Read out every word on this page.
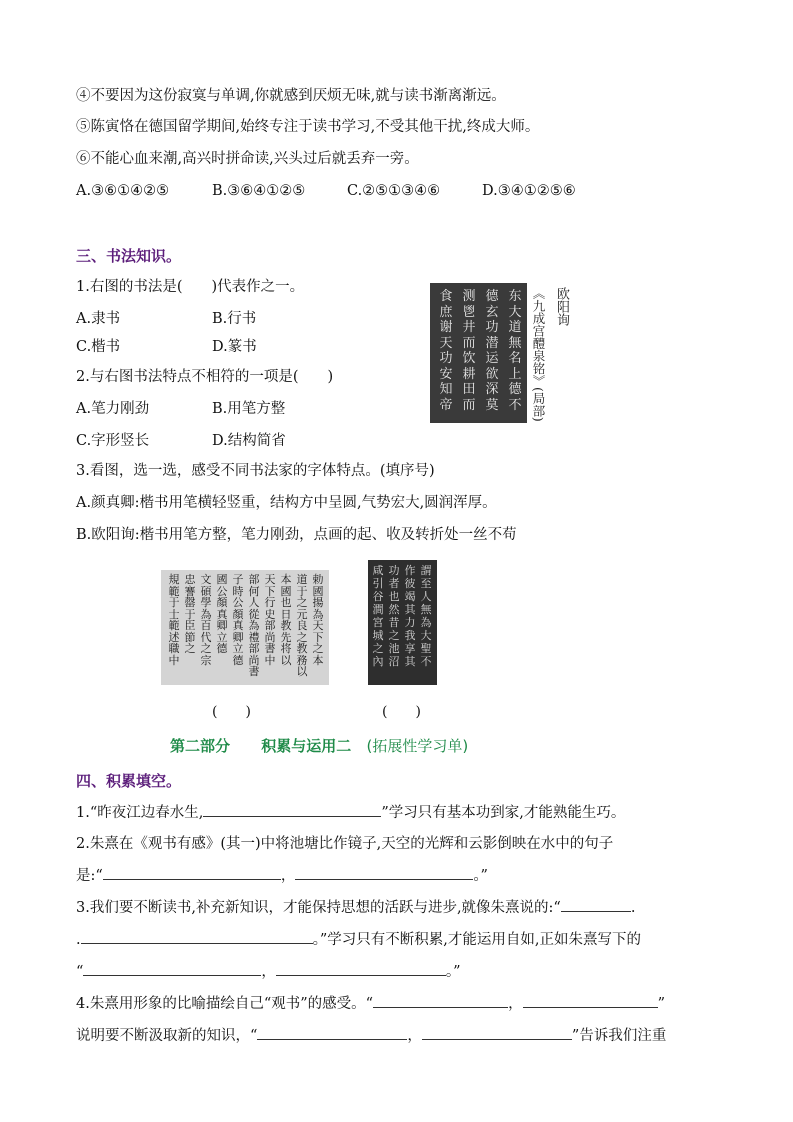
④不要因为这份寂寞与单调,你就感到厌烦无味,就与读书渐离渐远。
⑤陈寅恪在德国留学期间,始终专注于读书学习,不受其他干扰,终成大师。
⑥不能心血来潮,高兴时拼命读,兴头过后就丢弃一旁。
A.③⑥①④②⑤	B.③⑥④①②⑤	C.②⑤①③④⑥	D.③④①②⑤⑥
三、书法知识。
1.右图的书法是(　　)代表作之一。
A.隶书	B.行书
C.楷书	D.篆书
2.与右图书法特点不相符的一项是(　　)
A.笔力刚劲	B.用笔方整
C.字形竖长	D.结构简省
3.看图，选一选，感受不同书法家的字体特点。(填序号)
A.颜真卿:楷书用笔横轻竖重，结构方中呈圆,气势宏大,圆润浑厚。
B.欧阳询:楷书用笔方整，笔力刚劲，点画的起、收及转折处一丝不苟
东大道無名上德不
德玄功潜运欲深莫
测鬯井而饮耕田而
食庶谢天功安知帝
欧阳询
《九成宫醴泉铭》(局部)
勅國揚為天下之本
道于之元良之教務以
本國也日教先将以
天下行史部尚書中
部何人從為禮部尚書
子時公顏真卿立德
國公顏真卿立德
文碩學為百代之宗
忠謇罄于臣節之
規範于士範述職中
謂至人無為大聖不
作彼竭其力我享其
功者也然昔之池沼
咸引谷澗宮城之內
(　　)	(　　)
第二部分 积累与运用二 (拓展性学习单)
四、积累填空。
1.“昨夜江边春水生,	”学习只有基本功到家,才能熟能生巧。
2.朱熹在《观书有感》(其一)中将池塘比作镜子,天空的光辉和云影倒映在水中的句子
是:“	，	。”
3.我们要不断读书,补充新知识，才能保持思想的活跃与进步,就像朱熹说的:“	.
.	。”学习只有不断积累,才能运用自如,正如朱熹写下的
“	，	。”
4.朱熹用形象的比喻描绘自己“观书”的感受。“	，	”
说明要不断汲取新的知识，“	，	”告诉我们注重
